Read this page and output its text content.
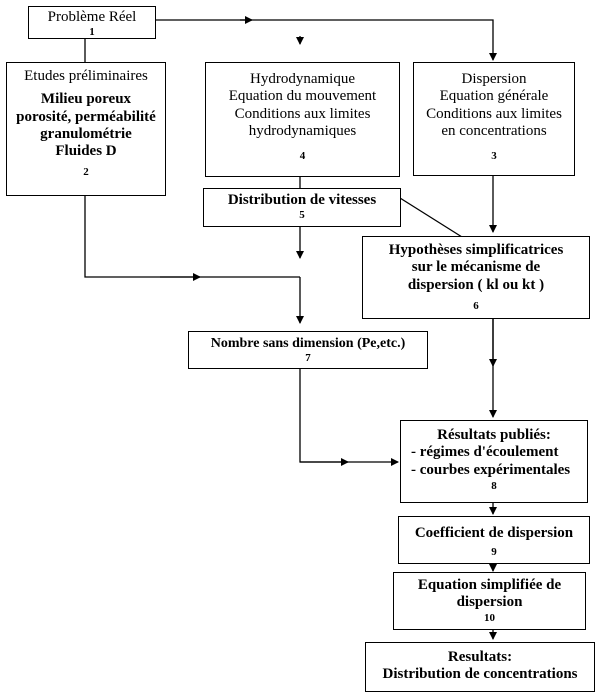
Problème Réel
1
Etudes préliminaires
Milieu poreux
porosité, perméabilité
granulométrie
Fluides D
2
Hydrodynamique
Equation du mouvement
Conditions aux limites
hydrodynamiques
4
Dispersion
Equation générale
Conditions aux limites
en concentrations
3
Distribution de vitesses
5
Hypothèses simplificatrices
sur le mécanisme de
dispersion ( kl ou kt )
6
Nombre sans dimension (Pe,etc.)
7
Résultats publiés:
- régimes d'écoulement
- courbes expérimentales
8
Coefficient de dispersion
9
Equation simplifiée de
dispersion
10
Resultats:
Distribution de concentrations
